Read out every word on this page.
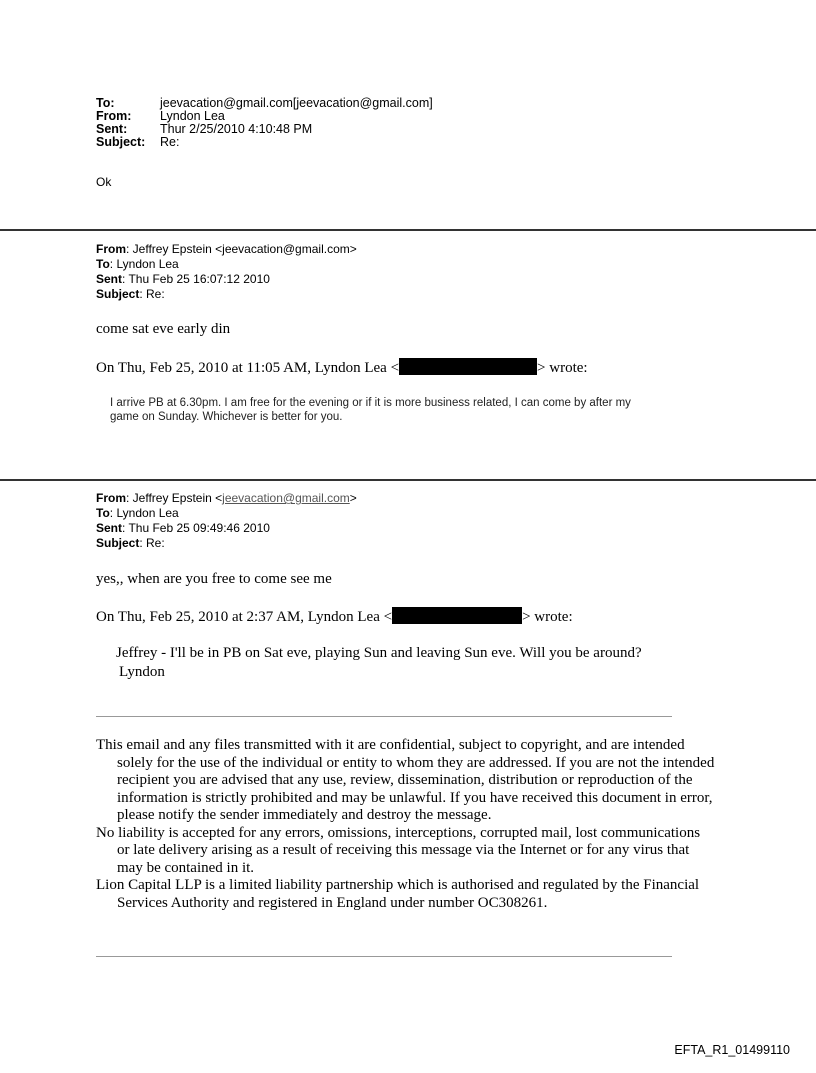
To:	jeevacation@gmail.com[jeevacation@gmail.com]
From:	Lyndon Lea
Sent:	Thur 2/25/2010 4:10:48 PM
Subject:	Re:
Ok
From: Jeffrey Epstein <jeevacation@gmail.com>
To: Lyndon Lea
Sent: Thu Feb 25 16:07:12 2010
Subject: Re:
come sat eve early din
On Thu, Feb 25, 2010 at 11:05 AM, Lyndon Lea <	> wrote:
I arrive PB at 6.30pm. I am free for the evening or if it is more business related, I can come by after my
game on Sunday. Whichever is better for you.
From: Jeffrey Epstein <jeevacation@gmail.com>
To: Lyndon Lea
Sent: Thu Feb 25 09:49:46 2010
Subject: Re:
yes,, when are you free to come see me
On Thu, Feb 25, 2010 at 2:37 AM, Lyndon Lea <	> wrote:
Jeffrey - I'll be in PB on Sat eve, playing Sun and leaving Sun eve. Will you be around?
Lyndon

This email and any files transmitted with it are confidential, subject to copyright, and are intended solely for the use of the individual or entity to whom they are addressed. If you are not the intended recipient you are advised that any use, review, dissemination, distribution or reproduction of the information is strictly prohibited and may be unlawful. If you have received this document in error, please notify the sender immediately and destroy the message.

No liability is accepted for any errors, omissions, interceptions, corrupted mail, lost communications or late delivery arising as a result of receiving this message via the Internet or for any virus that may be contained in it.

Lion Capital LLP is a limited liability partnership which is authorised and regulated by the Financial Services Authority and registered in England under number OC308261.

EFTA_R1_01499110
